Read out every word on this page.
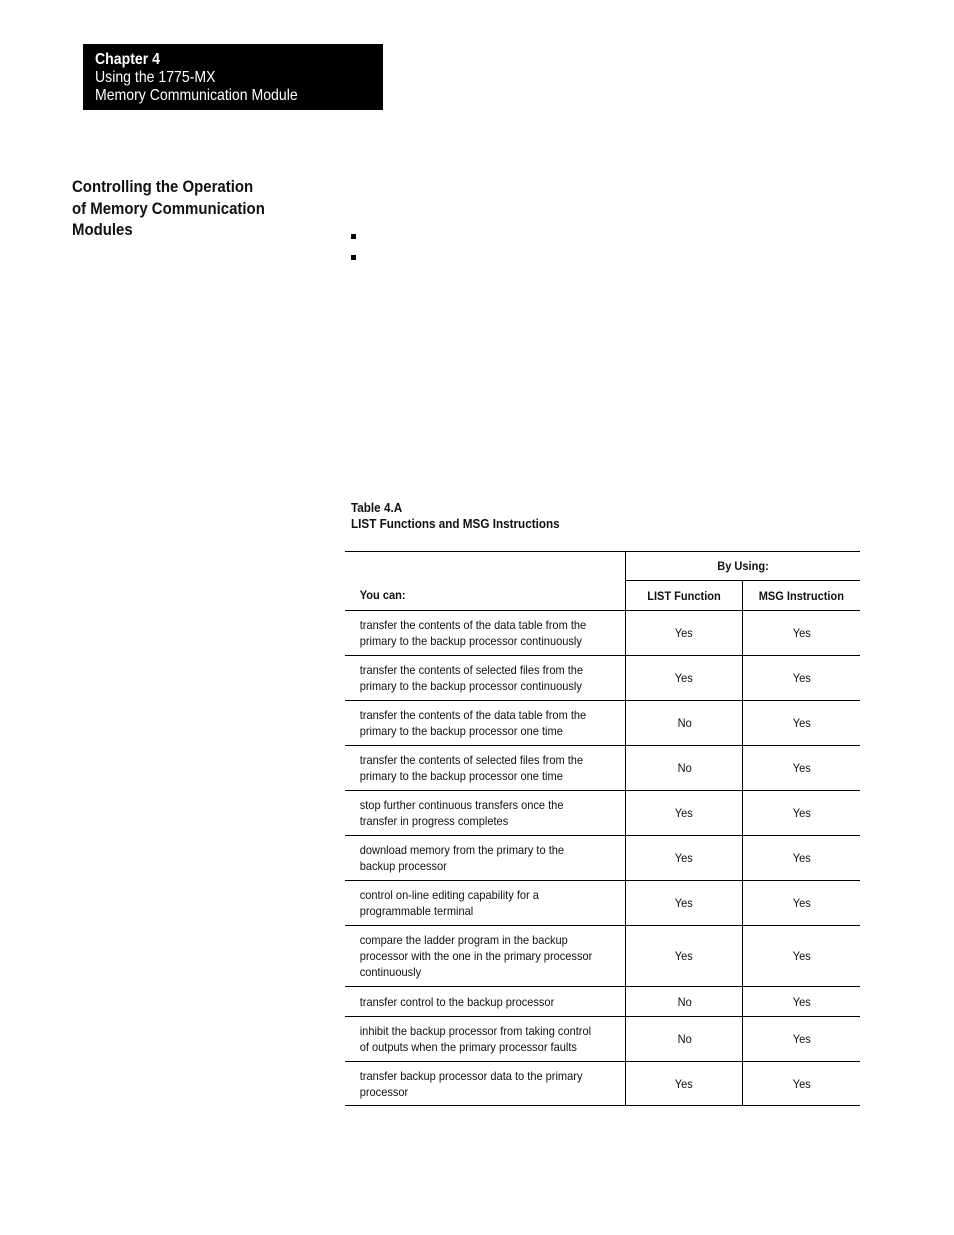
Chapter 4
Using the 1775-MX
Memory Communication Module
Controlling the Operation
of Memory Communication
Modules
Table 4.A
LIST Functions and MSG Instructions
You can:	By Using:	
	LIST Function	MSG Instruction

transfer the contents of the data table from the primary to the backup processor continuously	Yes	Yes

transfer the contents of selected files from the primary to the backup processor continuously	Yes	Yes

transfer the contents of the data table from the primary to the backup processor one time	No	Yes

transfer the contents of selected files from the primary to the backup processor one time	No	Yes

stop further continuous transfers once the transfer in progress completes	Yes	Yes

download memory from the primary to the backup processor	Yes	Yes

control on-line editing capability for a programmable terminal	Yes	Yes

compare the ladder program in the backup processor with the one in the primary processor continuously	Yes	Yes

transfer control to the backup processor	No	Yes

inhibit the backup processor from taking control of outputs when the primary processor faults	No	Yes

transfer backup processor data to the primary processor	Yes	Yes
